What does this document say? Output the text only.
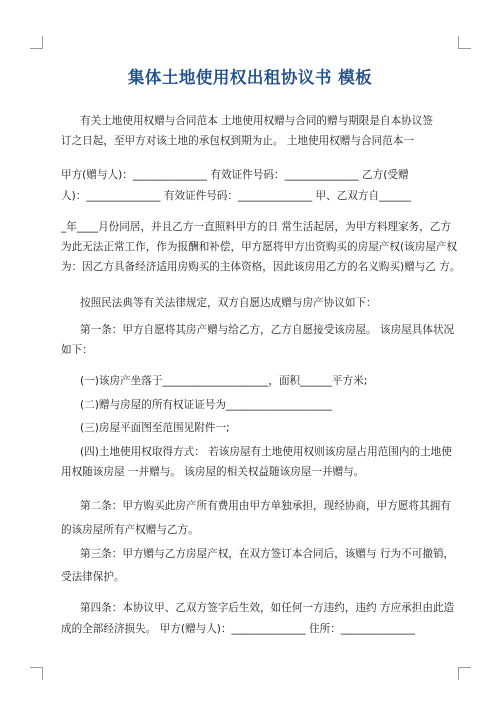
集体土地使用权出租协议书 模板
有关土地使用权赠与合同范本 土地使用权赠与合同的赠与期限是自本协议签
订之日起，至甲方对该土地的承包权到期为止。 土地使用权赠与合同范本一
甲方(赠与人)：______________ 有效证件号码：______________ 乙方(受赠
人)：______________ 有效证件号码：______________ 甲、乙双方自______
_年____月份同居，并且乙方一直照料甲方的日 常生活起居，为甲方料理家务，乙方
为此无法正常工作，作为报酬和补偿，甲方愿将甲方出资购买的房屋产权(该房屋产权
为：因乙方具备经济适用房购买的主体资格，因此该房用乙方的名义购买)赠与乙 方。
按照民法典等有关法律规定，双方自愿达成赠与房产协议如下：
第一条：甲方自愿将其房产赠与给乙方，乙方自愿接受该房屋。 该房屋具体状况
如下：
(一)该房产坐落于____________________，面积______平方米;
(二)赠与房屋的所有权证证号为____________________
(三)房屋平面图至范围见附件一;
(四)土地使用权取得方式： 若该房屋有土地使用权则该房屋占用范围内的土地使
用权随该房屋 一并赠与。 该房屋的相关权益随该房屋一并赠与。
第二条：甲方购买此房产所有费用由甲方单独承担，现经协商，甲方愿将其拥有
的该房屋所有产权赠与乙方。
第三条：甲方赠与乙方房屋产权，在双方签订本合同后，该赠与 行为不可撤销，
受法律保护。
第四条：本协议甲、乙双方签字后生效，如任何一方违约，违约 方应承担由此造
成的全部经济损失。 甲方(赠与人)：______________ 住所：______________
